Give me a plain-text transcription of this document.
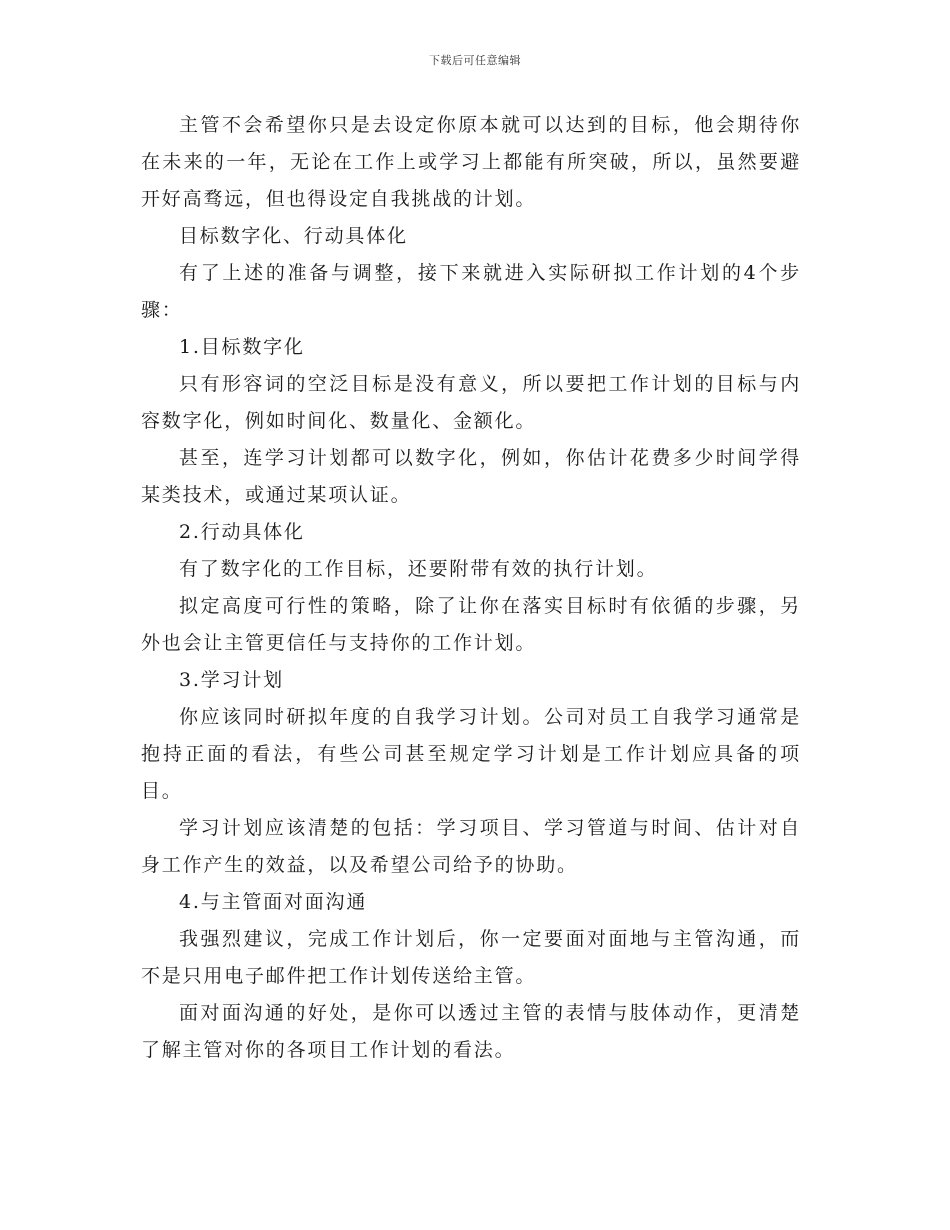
下载后可任意编辑

主管不会希望你只是去设定你原本就可以达到的目标，他会期待你在未来的一年，无论在工作上或学习上都能有所突破，所以，虽然要避开好高骛远，但也得设定自我挑战的计划。

目标数字化、行动具体化

有了上述的准备与调整，接下来就进入实际研拟工作计划的4个步骤：

1.目标数字化

只有形容词的空泛目标是没有意义，所以要把工作计划的目标与内容数字化，例如时间化、数量化、金额化。

甚至，连学习计划都可以数字化，例如，你估计花费多少时间学得某类技术，或通过某项认证。

2.行动具体化

有了数字化的工作目标，还要附带有效的执行计划。

拟定高度可行性的策略，除了让你在落实目标时有依循的步骤，另外也会让主管更信任与支持你的工作计划。

3.学习计划

你应该同时研拟年度的自我学习计划。公司对员工自我学习通常是抱持正面的看法，有些公司甚至规定学习计划是工作计划应具备的项目。

学习计划应该清楚的包括：学习项目、学习管道与时间、估计对自身工作产生的效益，以及希望公司给予的协助。

4.与主管面对面沟通

我强烈建议，完成工作计划后，你一定要面对面地与主管沟通，而不是只用电子邮件把工作计划传送给主管。

面对面沟通的好处，是你可以透过主管的表情与肢体动作，更清楚了解主管对你的各项目工作计划的看法。
